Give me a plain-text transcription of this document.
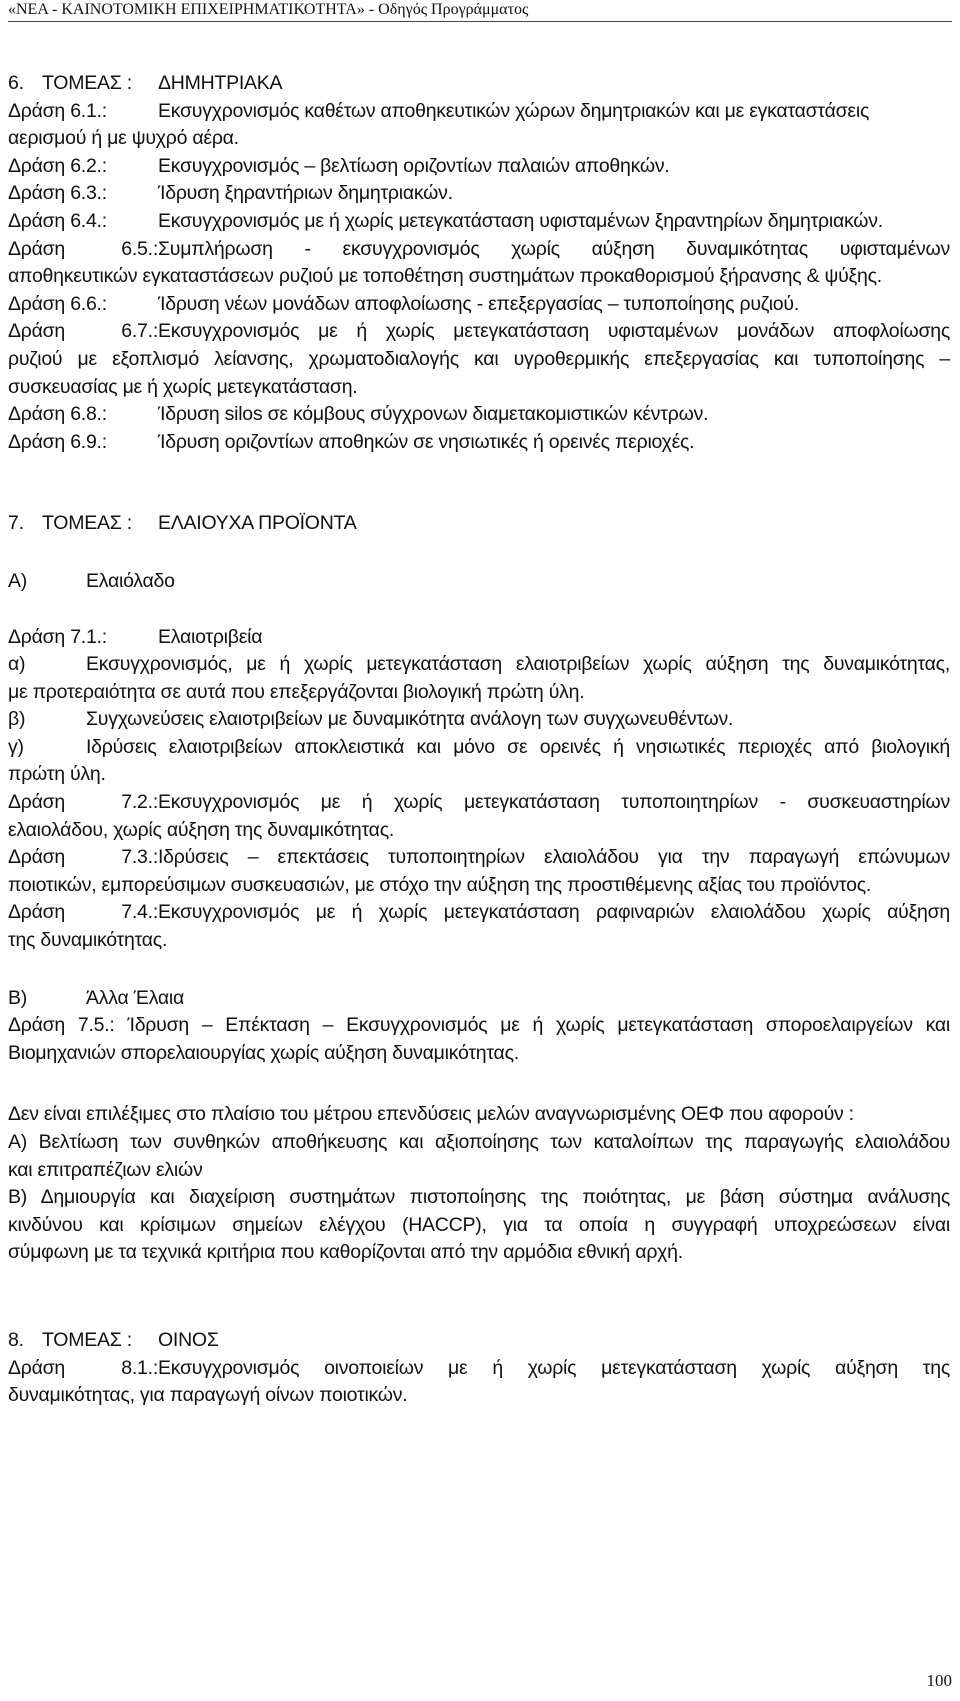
«ΝΕΑ - ΚΑΙΝΟΤΟΜΙΚΗ ΕΠΙΧΕΙΡΗΜΑΤΙΚΟΤΗΤΑ» - Οδηγός Προγράμματος

6. ΤΟΜΕΑΣ : ΔΗΜΗΤΡΙΑΚΑ

Δράση 6.1.:	Εκσυγχρονισμός καθέτων αποθηκευτικών χώρων δημητριακών και με εγκαταστάσεις

αερισμού ή με ψυχρό αέρα.

Δράση 6.2.:	Εκσυγχρονισμός – βελτίωση οριζοντίων παλαιών αποθηκών.

Δράση 6.3.:	Ίδρυση ξηραντήριων δημητριακών.

Δράση 6.4.:	Εκσυγχρονισμός με ή χωρίς μετεγκατάσταση υφισταμένων ξηραντηρίων δημητριακών.

Δράση 6.5.:Συμπλήρωση - εκσυγχρονισμός χωρίς αύξηση δυναμικότητας υφισταμένων

αποθηκευτικών εγκαταστάσεων ρυζιού με τοποθέτηση συστημάτων προκαθορισμού ξήρανσης & ψύξης.

Δράση 6.6.:	Ίδρυση νέων μονάδων αποφλοίωσης - επεξεργασίας – τυποποίησης ρυζιού.

Δράση 6.7.:Εκσυγχρονισμός με ή χωρίς μετεγκατάσταση υφισταμένων μονάδων αποφλοίωσης

ρυζιού με εξοπλισμό λείανσης, χρωματοδιαλογής και υγροθερμικής επεξεργασίας και τυποποίησης –

συσκευασίας με ή χωρίς μετεγκατάσταση.

Δράση 6.8.:	Ίδρυση silos σε κόμβους σύγχρονων διαμετακομιστικών κέντρων.

Δράση 6.9.:	Ίδρυση οριζοντίων αποθηκών σε νησιωτικές ή ορεινές περιοχές.

7. ΤΟΜΕΑΣ : ΕΛΑΙΟΥΧΑ ΠΡΟΪΟΝΤΑ

Α)	Ελαιόλαδο

Δράση 7.1.:	Ελαιοτριβεία

α)	Εκσυγχρονισμός, με ή χωρίς μετεγκατάσταση ελαιοτριβείων χωρίς αύξηση της δυναμικότητας,

με προτεραιότητα σε αυτά που επεξεργάζονται βιολογική πρώτη ύλη.

β)	Συγχωνεύσεις ελαιοτριβείων με δυναμικότητα ανάλογη των συγχωνευθέντων.

γ)	Ιδρύσεις ελαιοτριβείων αποκλειστικά και μόνο σε ορεινές ή νησιωτικές περιοχές από βιολογική

πρώτη ύλη.

Δράση 7.2.:Εκσυγχρονισμός με ή χωρίς μετεγκατάσταση τυποποιητηρίων - συσκευαστηρίων

ελαιολάδου, χωρίς αύξηση της δυναμικότητας.

Δράση 7.3.:Ιδρύσεις – επεκτάσεις τυποποιητηρίων ελαιολάδου για την παραγωγή επώνυμων

ποιοτικών, εμπορεύσιμων συσκευασιών, με στόχο την αύξηση της προστιθέμενης αξίας του προϊόντος.

Δράση 7.4.:Εκσυγχρονισμός με ή χωρίς μετεγκατάσταση ραφιναριών ελαιολάδου χωρίς αύξηση

της δυναμικότητας.

Β)	Άλλα Έλαια

Δράση 7.5.: Ίδρυση – Επέκταση – Εκσυγχρονισμός με ή χωρίς μετεγκατάσταση σποροελαιργείων και

Βιομηχανιών σπορελαιουργίας χωρίς αύξηση δυναμικότητας.

Δεν είναι επιλέξιμες στο πλαίσιο του μέτρου επενδύσεις μελών αναγνωρισμένης ΟΕΦ που αφορούν :

Α) Βελτίωση των συνθηκών αποθήκευσης και αξιοποίησης των καταλοίπων της παραγωγής ελαιολάδου

και επιτραπέζιων ελιών

Β) Δημιουργία και διαχείριση συστημάτων πιστοποίησης της ποιότητας, με βάση σύστημα ανάλυσης

κινδύνου και κρίσιμων σημείων ελέγχου (HACCP), για τα οποία η συγγραφή υποχρεώσεων είναι

σύμφωνη με τα τεχνικά κριτήρια που καθορίζονται από την αρμόδια εθνική αρχή.

8. ΤΟΜΕΑΣ : ΟΙΝΟΣ

Δράση 8.1.:Εκσυγχρονισμός οινοποιείων με ή χωρίς μετεγκατάσταση χωρίς αύξηση της

δυναμικότητας, για παραγωγή οίνων ποιοτικών.

100
